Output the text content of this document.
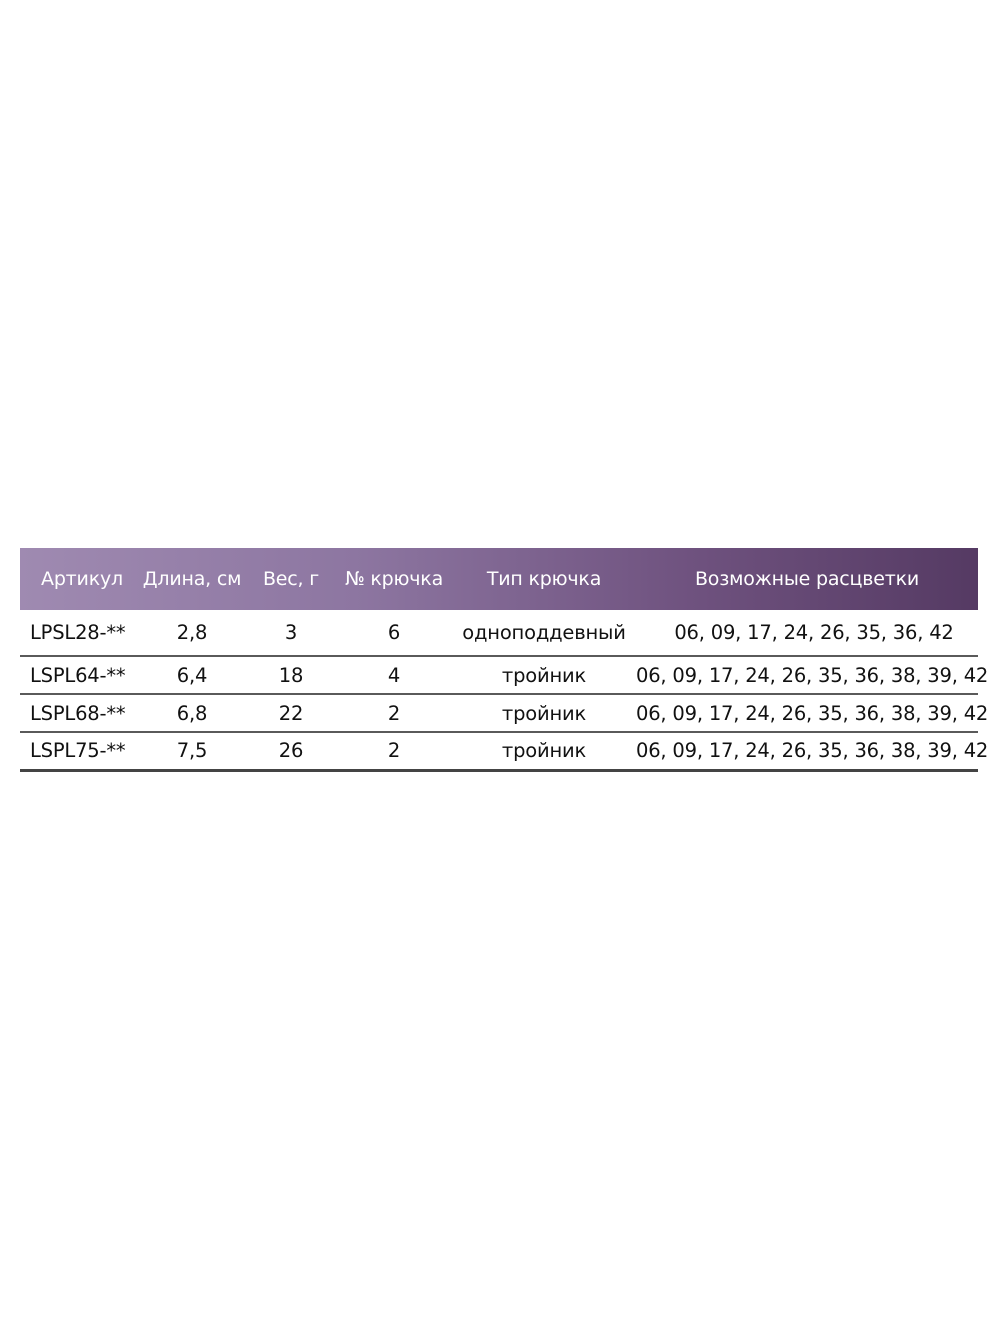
Артикул	Длина, см	Вес, г	№ крючка	Тип крючка	Возможные расцветки
LPSL28-**	2,8	3	6	одноподдевный	06, 09, 17, 24, 26, 35, 36, 42
LSPL64-**	6,4	18	4	тройник	06, 09, 17, 24, 26, 35, 36, 38, 39, 42
LSPL68-**	6,8	22	2	тройник	06, 09, 17, 24, 26, 35, 36, 38, 39, 42
LSPL75-**	7,5	26	2	тройник	06, 09, 17, 24, 26, 35, 36, 38, 39, 42
